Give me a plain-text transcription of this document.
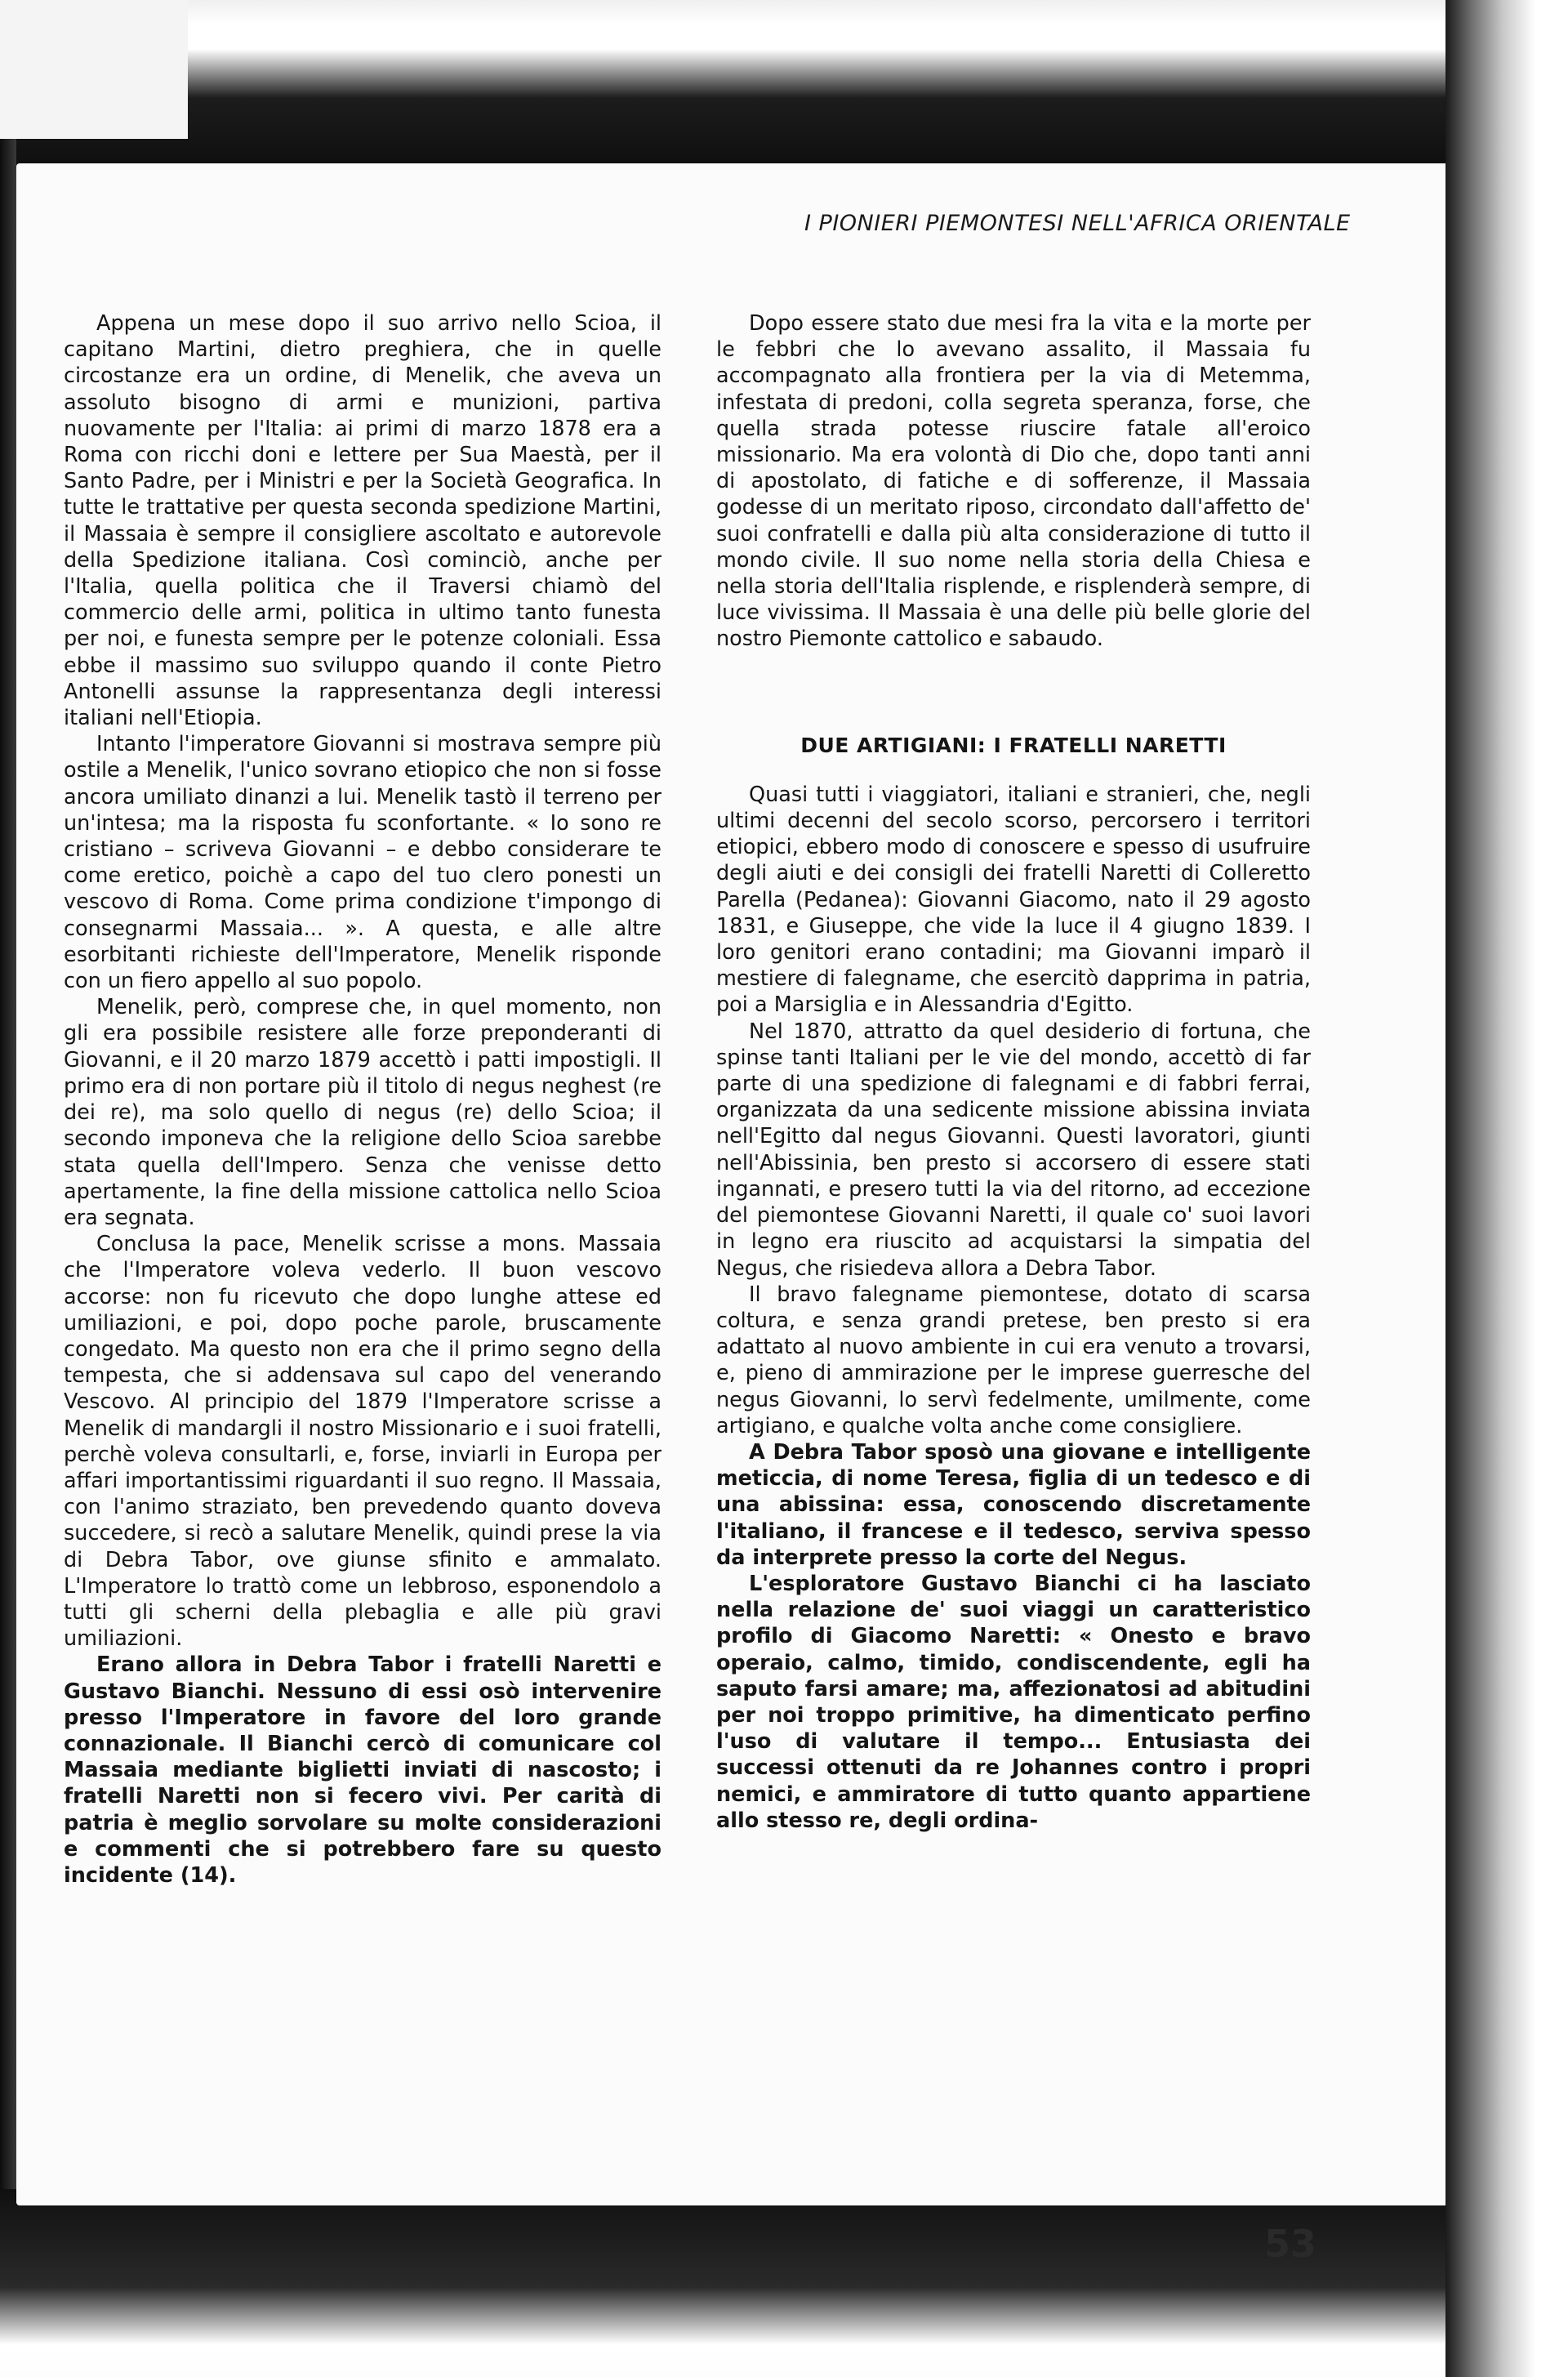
I PIONIERI PIEMONTESI NELL'AFRICA ORIENTALE

Appena un mese dopo il suo arrivo nello Scioa, il capitano Martini, dietro preghiera, che in quelle circostanze era un ordine, di Menelik, che aveva un assoluto bisogno di armi e munizioni, partiva nuovamente per l'Italia: ai primi di marzo 1878 era a Roma con ricchi doni e lettere per Sua Maestà, per il Santo Padre, per i Ministri e per la Società Geografica. In tutte le trattative per questa seconda spedizione Martini, il Massaia è sempre il consigliere ascoltato e autorevole della Spedizione italiana. Così cominciò, anche per l'Italia, quella politica che il Traversi chiamò del commercio delle armi, politica in ultimo tanto funesta per noi, e funesta sempre per le potenze coloniali. Essa ebbe il massimo suo sviluppo quando il conte Pietro Antonelli assunse la rappresentanza degli interessi italiani nell'Etiopia.

Intanto l'imperatore Giovanni si mostrava sempre più ostile a Menelik, l'unico sovrano etiopico che non si fosse ancora umiliato dinanzi a lui. Menelik tastò il terreno per un'intesa; ma la risposta fu sconfortante. « Io sono re cristiano – scriveva Giovanni – e debbo considerare te come eretico, poichè a capo del tuo clero ponesti un vescovo di Roma. Come prima condizione t'impongo di consegnarmi Massaia... ». A questa, e alle altre esorbitanti richieste dell'Imperatore, Menelik risponde con un fiero appello al suo popolo.

Menelik, però, comprese che, in quel momento, non gli era possibile resistere alle forze preponderanti di Giovanni, e il 20 marzo 1879 accettò i patti impostigli. Il primo era di non portare più il titolo di negus neghest (re dei re), ma solo quello di negus (re) dello Scioa; il secondo imponeva che la religione dello Scioa sarebbe stata quella dell'Impero. Senza che venisse detto apertamente, la fine della missione cattolica nello Scioa era segnata.

Conclusa la pace, Menelik scrisse a mons. Massaia che l'Imperatore voleva vederlo. Il buon vescovo accorse: non fu ricevuto che dopo lunghe attese ed umiliazioni, e poi, dopo poche parole, bruscamente congedato. Ma questo non era che il primo segno della tempesta, che si addensava sul capo del venerando Vescovo. Al principio del 1879 l'Imperatore scrisse a Menelik di mandargli il nostro Missionario e i suoi fratelli, perchè voleva consultarli, e, forse, inviarli in Europa per affari importantissimi riguardanti il suo regno. Il Massaia, con l'animo straziato, ben prevedendo quanto doveva succedere, si recò a salutare Menelik, quindi prese la via di Debra Tabor, ove giunse sfinito e ammalato. L'Imperatore lo trattò come un lebbroso, esponendolo a tutti gli scherni della plebaglia e alle più gravi umiliazioni.

Erano allora in Debra Tabor i fratelli Naretti e Gustavo Bianchi. Nessuno di essi osò intervenire presso l'Imperatore in favore del loro grande connazionale. Il Bianchi cercò di comunicare col Massaia mediante biglietti inviati di nascosto; i fratelli Naretti non si fecero vivi. Per carità di patria è meglio sorvolare su molte considerazioni e commenti che si potrebbero fare su questo incidente (14).

Dopo essere stato due mesi fra la vita e la morte per le febbri che lo avevano assalito, il Massaia fu accompagnato alla frontiera per la via di Metemma, infestata di predoni, colla segreta speranza, forse, che quella strada potesse riuscire fatale all'eroico missionario. Ma era volontà di Dio che, dopo tanti anni di apostolato, di fatiche e di sofferenze, il Massaia godesse di un meritato riposo, circondato dall'affetto de' suoi confratelli e dalla più alta considerazione di tutto il mondo civile. Il suo nome nella storia della Chiesa e nella storia dell'Italia risplende, e risplenderà sempre, di luce vivissima. Il Massaia è una delle più belle glorie del nostro Piemonte cattolico e sabaudo.

DUE ARTIGIANI: I FRATELLI NARETTI

Quasi tutti i viaggiatori, italiani e stranieri, che, negli ultimi decenni del secolo scorso, percorsero i territori etiopici, ebbero modo di conoscere e spesso di usufruire degli aiuti e dei consigli dei fratelli Naretti di Colleretto Parella (Pedanea): Giovanni Giacomo, nato il 29 agosto 1831, e Giuseppe, che vide la luce il 4 giugno 1839. I loro genitori erano contadini; ma Giovanni imparò il mestiere di falegname, che esercitò dapprima in patria, poi a Marsiglia e in Alessandria d'Egitto.

Nel 1870, attratto da quel desiderio di fortuna, che spinse tanti Italiani per le vie del mondo, accettò di far parte di una spedizione di falegnami e di fabbri ferrai, organizzata da una sedicente missione abissina inviata nell'Egitto dal negus Giovanni. Questi lavoratori, giunti nell'Abissinia, ben presto si accorsero di essere stati ingannati, e presero tutti la via del ritorno, ad eccezione del piemontese Giovanni Naretti, il quale co' suoi lavori in legno era riuscito ad acquistarsi la simpatia del Negus, che risiedeva allora a Debra Tabor.

Il bravo falegname piemontese, dotato di scarsa coltura, e senza grandi pretese, ben presto si era adattato al nuovo ambiente in cui era venuto a trovarsi, e, pieno di ammirazione per le imprese guerresche del negus Giovanni, lo servì fedelmente, umilmente, come artigiano, e qualche volta anche come consigliere.

A Debra Tabor sposò una giovane e intelligente meticcia, di nome Teresa, figlia di un tedesco e di una abissina: essa, conoscendo discretamente l'italiano, il francese e il tedesco, serviva spesso da interprete presso la corte del Negus.

L'esploratore Gustavo Bianchi ci ha lasciato nella relazione de' suoi viaggi un caratteristico profilo di Giacomo Naretti: « Onesto e bravo operaio, calmo, timido, condiscendente, egli ha saputo farsi amare; ma, affezionatosi ad abitudini per noi troppo primitive, ha dimenticato perfino l'uso di valutare il tempo... Entusiasta dei successi ottenuti da re Johannes contro i propri nemici, e ammiratore di tutto quanto appartiene allo stesso re, degli ordina-

53
